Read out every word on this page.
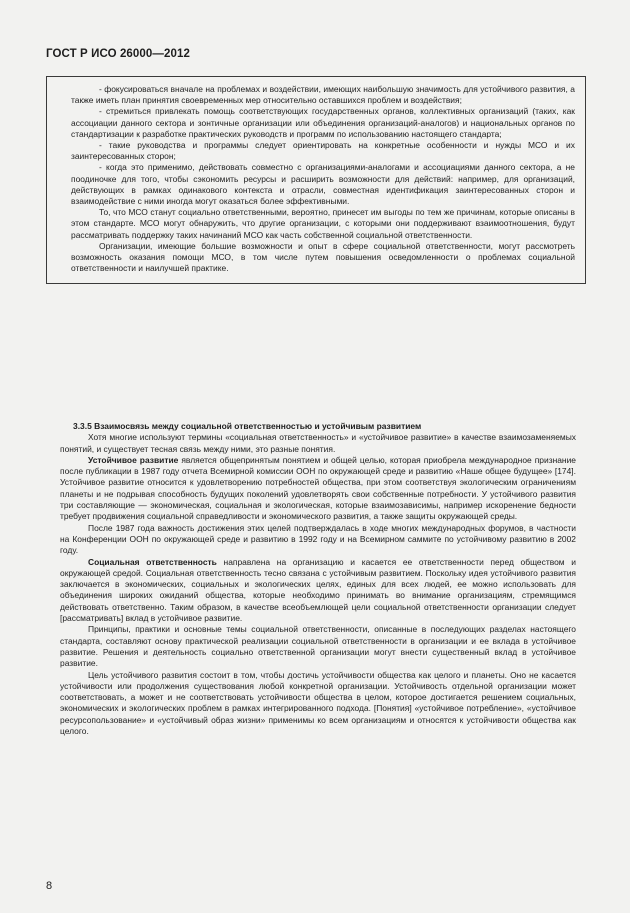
ГОСТ Р ИСО 26000—2012

- фокусироваться вначале на проблемах и воздействии, имеющих наибольшую значимость для устойчивого развития, а также иметь план принятия своевременных мер относительно оставшихся проблем и воздействия;

- стремиться привлекать помощь соответствующих государственных органов, коллективных организаций (таких, как ассоциации данного сектора и зонтичные организации или объединения организаций-аналогов) и национальных органов по стандартизации к разработке практических руководств и программ по использованию настоящего стандарта;

- такие руководства и программы следует ориентировать на конкретные особенности и нужды МСО и их заинтересованных сторон;

- когда это применимо, действовать совместно с организациями-аналогами и ассоциациями данного сектора, а не поодиночке для того, чтобы сэкономить ресурсы и расширить возможности для действий: например, для организаций, действующих в рамках одинакового контекста и отрасли, совместная идентификация заинтересованных сторон и взаимодействие с ними иногда могут оказаться более эффективными.

То, что МСО станут социально ответственными, вероятно, принесет им выгоды по тем же причинам, которые описаны в этом стандарте. МСО могут обнаружить, что другие организации, с которыми они поддерживают взаимоотношения, будут рассматривать поддержку таких начинаний МСО как часть собственной социальной ответственности.

Организации, имеющие большие возможности и опыт в сфере социальной ответственности, могут рассмотреть возможность оказания помощи МСО, в том числе путем повышения осведомленности о проблемах социальной ответственности и наилучшей практике.

3.3.5 Взаимосвязь между социальной ответственностью и устойчивым развитием

Хотя многие используют термины «социальная ответственность» и «устойчивое развитие» в качестве взаимозаменяемых понятий, и существует тесная связь между ними, это разные понятия.

Устойчивое развитие является общепринятым понятием и общей целью, которая приобрела международное признание после публикации в 1987 году отчета Всемирной комиссии ООН по окружающей среде и развитию «Наше общее будущее» [174]. Устойчивое развитие относится к удовлетворению потребностей общества, при этом соответствуя экологическим ограничениям планеты и не подрывая способность будущих поколений удовлетворять свои собственные потребности. У устойчивого развития три составляющие — экономическая, социальная и экологическая, которые взаимозависимы, например искоренение бедности требует продвижения социальной справедливости и экономического развития, а также защиты окружающей среды.

После 1987 года важность достижения этих целей подтверждалась в ходе многих международных форумов, в частности на Конференции ООН по окружающей среде и развитию в 1992 году и на Всемирном саммите по устойчивому развитию в 2002 году.

Социальная ответственность направлена на организацию и касается ее ответственности перед обществом и окружающей средой. Социальная ответственность тесно связана с устойчивым развитием. Поскольку идея устойчивого развития заключается в экономических, социальных и экологических целях, единых для всех людей, ее можно использовать для объединения широких ожиданий общества, которые необходимо принимать во внимание организациям, стремящимся действовать ответственно. Таким образом, в качестве всеобъемлющей цели социальной ответственности организации следует [рассматривать] вклад в устойчивое развитие.

Принципы, практики и основные темы социальной ответственности, описанные в последующих разделах настоящего стандарта, составляют основу практической реализации социальной ответственности в организации и ее вклада в устойчивое развитие. Решения и деятельность социально ответственной организации могут внести существенный вклад в устойчивое развитие.

Цель устойчивого развития состоит в том, чтобы достичь устойчивости общества как целого и планеты. Оно не касается устойчивости или продолжения существования любой конкретной организации. Устойчивость отдельной организации может соответствовать, а может и не соответствовать устойчивости общества в целом, которое достигается решением социальных, экономических и экологических проблем в рамках интегрированного подхода. [Понятия] «устойчивое потребление», «устойчивое ресурсопользование» и «устойчивый образ жизни» применимы ко всем организациям и относятся к устойчивости общества как целого.

8
